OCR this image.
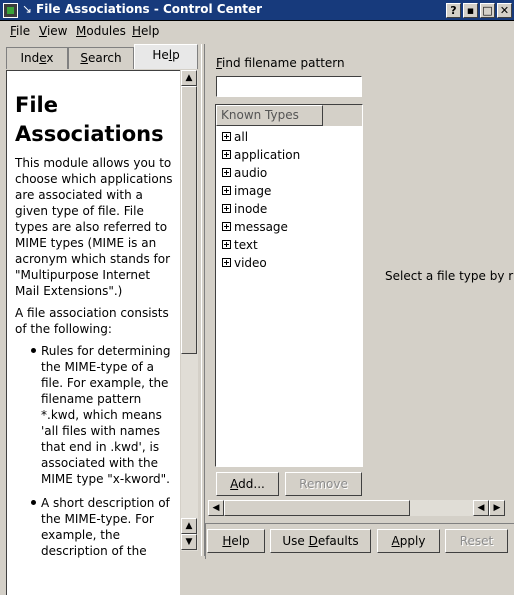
↘ File Associations - Control Center	? ▪ □ ✕
File View Modules Help
Index	Search	Help
File Associations

This module allows you to choose which applications are associated with a given type of file. File types are also referred to MIME types (MIME is an acronym which stands for "Multipurpose Internet Mail Extensions".)

A file association consists of the following:

Rules for determining the MIME-type of a file. For example, the filename pattern *.kwd, which means 'all files with names that end in .kwd', is associated with the MIME type "x-kword".
A short description of the MIME-type. For example, the description of the
▲
▲
▼
Find filename pattern
Known Types
all
application
audio
image
inode
message
text
video
Add...	Remove
Select a file type by r
◀	◀	▶
Help	Use Defaults	Apply	Reset
